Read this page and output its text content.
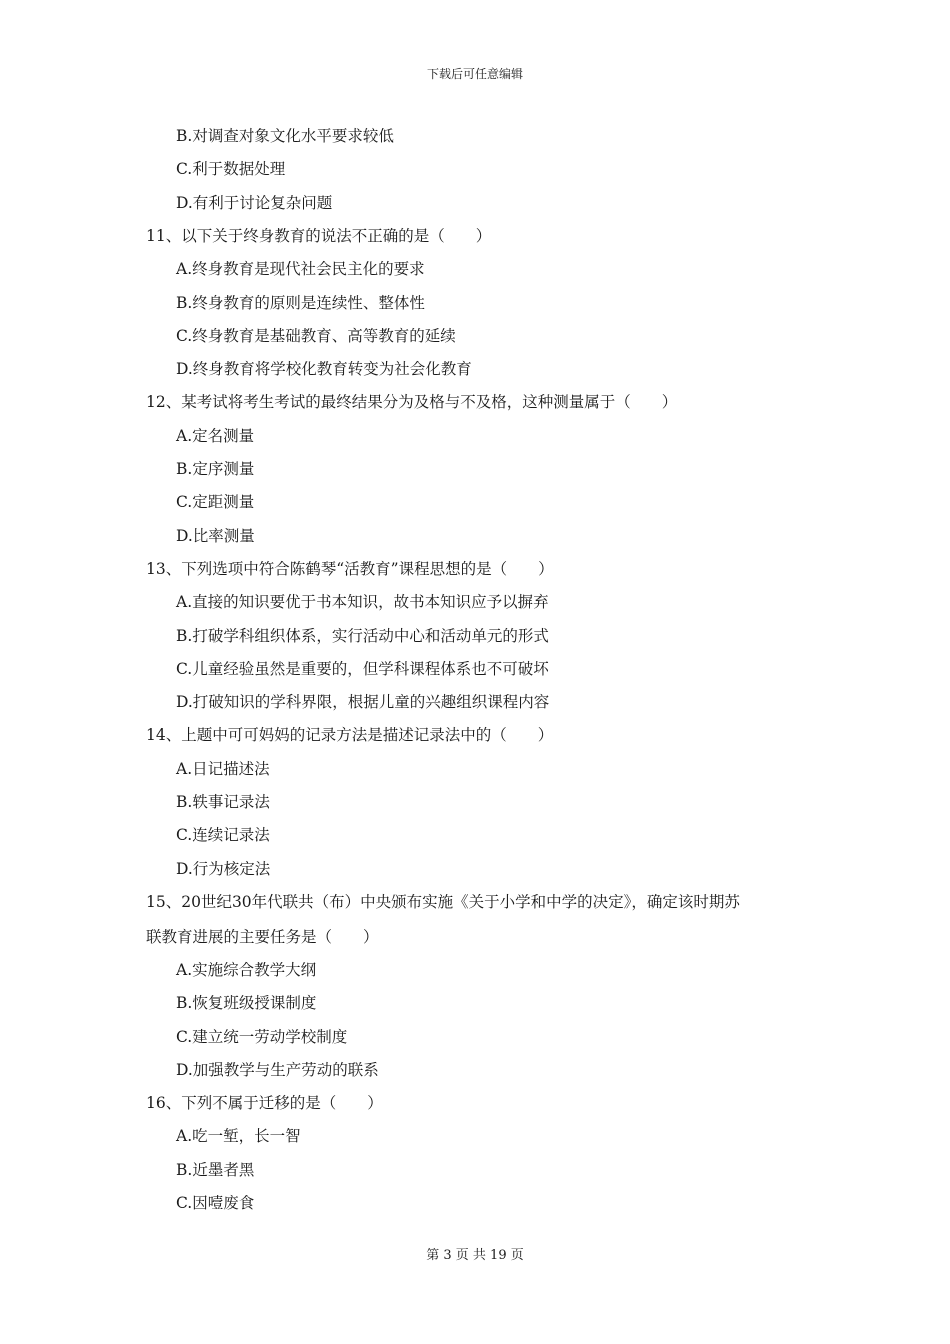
下载后可任意编辑
B.对调查对象文化水平要求较低
C.利于数据处理
D.有利于讨论复杂问题
11、以下关于终身教育的说法不正确的是（　　）
A.终身教育是现代社会民主化的要求
B.终身教育的原则是连续性、整体性
C.终身教育是基础教育、高等教育的延续
D.终身教育将学校化教育转变为社会化教育
12、某考试将考生考试的最终结果分为及格与不及格，这种测量属于（　　）
A.定名测量
B.定序测量
C.定距测量
D.比率测量
13、下列选项中符合陈鹤琴“活教育”课程思想的是（　　）
A.直接的知识要优于书本知识，故书本知识应予以摒弃
B.打破学科组织体系，实行活动中心和活动单元的形式
C.儿童经验虽然是重要的，但学科课程体系也不可破坏
D.打破知识的学科界限，根据儿童的兴趣组织课程内容
14、上题中可可妈妈的记录方法是描述记录法中的（　　）
A.日记描述法
B.轶事记录法
C.连续记录法
D.行为核定法
15、20世纪30年代联共（布）中央颁布实施《关于小学和中学的决定》，确定该时期苏
联教育进展的主要任务是（　　）
A.实施综合教学大纲
B.恢复班级授课制度
C.建立统一劳动学校制度
D.加强教学与生产劳动的联系
16、下列不属于迁移的是（　　）
A.吃一堑，长一智
B.近墨者黑
C.因噎废食
第 3 页 共 19 页
